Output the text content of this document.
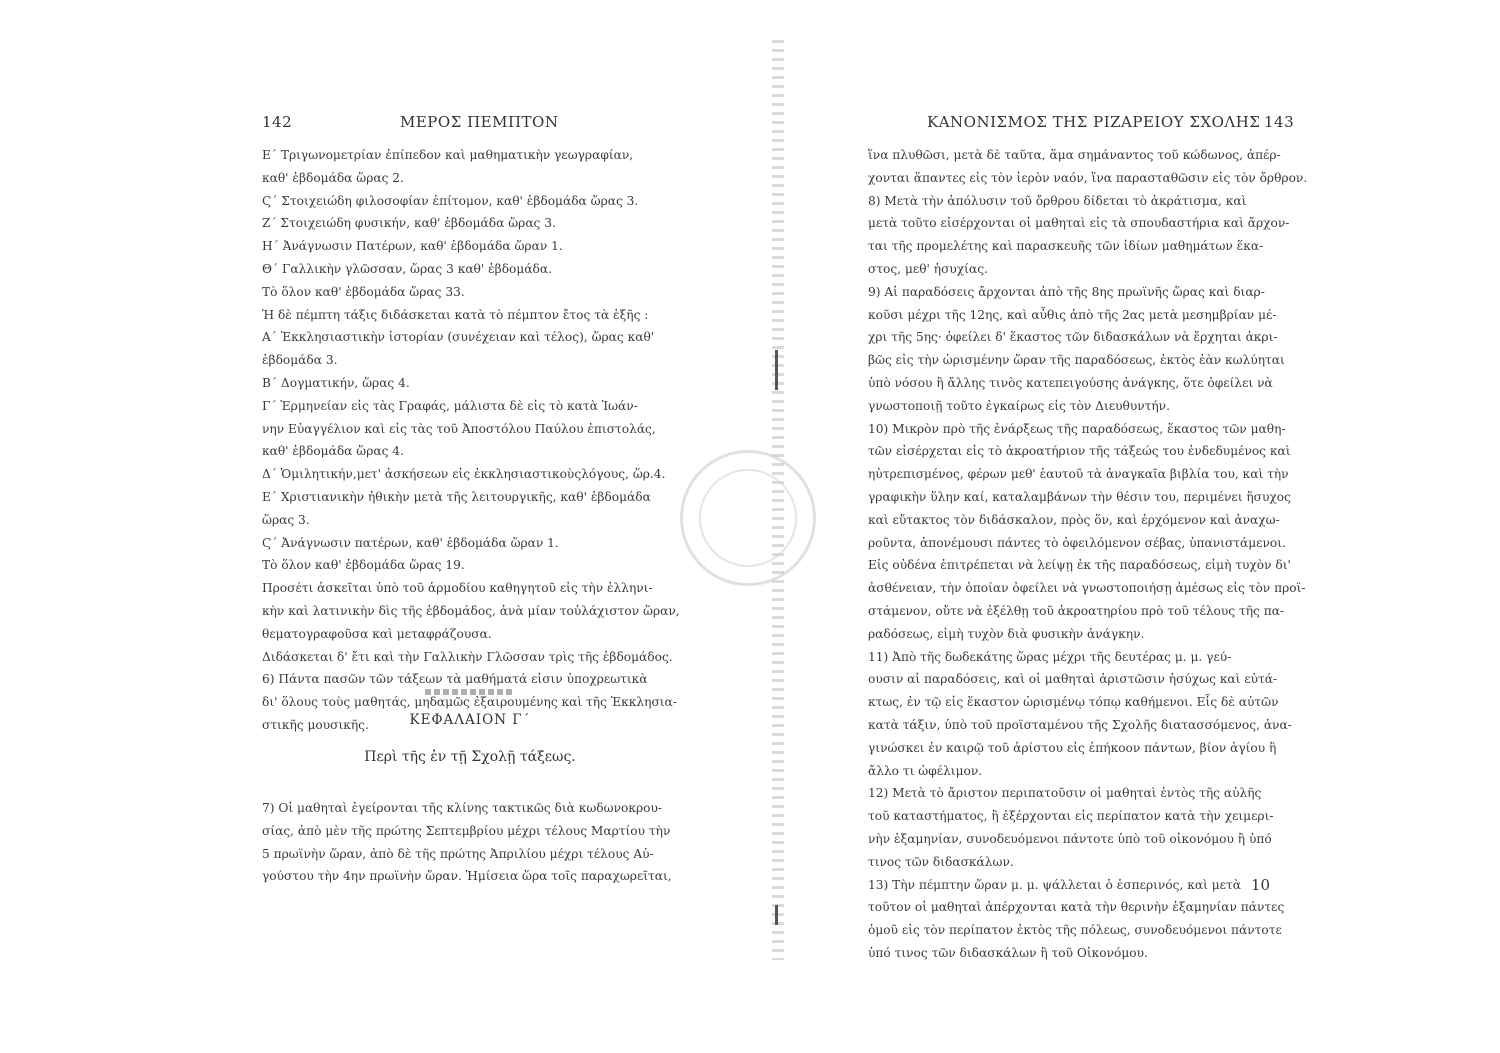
142	ΜΕΡΟΣ ΠΕΜΠΤΟΝ
Ε΄ Τριγωνομετρίαν ἐπίπεδον καὶ μαθηματικὴν γεωγραφίαν,
καθ' ἑβδομάδα ὥρας 2.
Ϛ΄ Στοιχειώδη φιλοσοφίαν ἐπίτομον, καθ' ἑβδομάδα ὥρας 3.
Ζ΄ Στοιχειώδη φυσικήν, καθ' ἑβδομάδα ὥρας 3.
Η΄ Ἀνάγνωσιν Πατέρων, καθ' ἑβδομάδα ὥραν 1.
Θ΄ Γαλλικὴν γλῶσσαν, ὥρας 3 καθ' ἑβδομάδα.
Τὸ ὅλον καθ' ἑβδομάδα ὥρας 33.
Ἡ δὲ πέμπτη τάξις διδάσκεται κατὰ τὸ πέμπτον ἔτος τὰ ἑξῆς :
Α΄ Ἐκκλησιαστικὴν ἱστορίαν (συνέχειαν καὶ τέλος), ὥρας καθ'
ἑβδομάδα 3.
Β΄ Δογματικήν, ὥρας 4.
Γ΄ Ἑρμηνείαν εἰς τὰς Γραφάς, μάλιστα δὲ εἰς τὸ κατὰ Ἰωάν-
νην Εὐαγγέλιον καὶ εἰς τὰς τοῦ Ἀποστόλου Παύλου ἐπιστολάς,
καθ' ἑβδομάδα ὥρας 4.
Δ΄ Ὁμιλητικήν,μετ' ἀσκήσεων εἰς ἐκκλησιαστικοὺςλόγους, ὥρ.4.
Ε΄ Χριστιανικὴν ἠθικὴν μετὰ τῆς λειτουργικῆς, καθ' ἑβδομάδα
ὥρας 3.
Ϛ΄ Ἀνάγνωσιν πατέρων, καθ' ἑβδομάδα ὥραν 1.
Τὸ ὅλον καθ' ἑβδομάδα ὥρας 19.
Προσέτι ἀσκεῖται ὑπὸ τοῦ ἁρμοδίου καθηγητοῦ εἰς τὴν ἑλληνι-
κὴν καὶ λατινικὴν δὶς τῆς ἑβδομάδος, ἀνὰ μίαν τοὐλάχιστον ὥραν,
θεματογραφοῦσα καὶ μεταφράζουσα.
Διδάσκεται δ' ἔτι καὶ τὴν Γαλλικὴν Γλῶσσαν τρὶς τῆς ἑβδομάδος.
6) Πάντα πασῶν τῶν τάξεων τὰ μαθήματά εἰσιν ὑποχρεωτικὰ
δι' ὅλους τοὺς μαθητάς, μηδαμῶς ἐξαιρουμένης καὶ τῆς Ἐκκλησια-
στικῆς μουσικῆς.	ΚΕΦΑΛΑΙΟΝ Γ΄
Περὶ τῆς ἐν τῇ Σχολῇ τάξεως.
7) Οἱ μαθηταὶ ἐγείρονται τῆς κλίνης τακτικῶς διὰ κωδωνοκρου-
σίας, ἀπὸ μὲν τῆς πρώτης Σεπτεμβρίου μέχρι τέλους Μαρτίου τὴν
5 πρωϊνὴν ὥραν, ἀπὸ δὲ τῆς πρώτης Ἀπριλίου μέχρι τέλους Αὐ-
γούστου τὴν 4ην πρωϊνὴν ὥραν. Ἡμίσεια ὥρα τοῖς παραχωρεῖται,
ΚΑΝΟΝΙΣΜΟΣ ΤΗΣ ΡΙΖΑΡΕΙΟΥ ΣΧΟΛΗΣ 143
ἵνα πλυθῶσι, μετὰ δὲ ταῦτα, ἅμα σημάναντος τοῦ κώδωνος, ἀπέρ-
χονται ἅπαντες εἰς τὸν ἱερὸν ναόν, ἵνα παρασταθῶσιν εἰς τὸν ὄρθρον.
8) Μετὰ τὴν ἀπόλυσιν τοῦ ὄρθρου δίδεται τὸ ἀκράτισμα, καὶ
μετὰ τοῦτο εἰσέρχονται οἱ μαθηταὶ εἰς τὰ σπουδαστήρια καὶ ἄρχον-
ται τῆς προμελέτης καὶ παρασκευῆς τῶν ἰδίων μαθημάτων ἕκα-
στος, μεθ' ἡσυχίας.
9) Αἱ παραδόσεις ἄρχονται ἀπὸ τῆς 8ης πρωϊνῆς ὥρας καὶ διαρ-
κοῦσι μέχρι τῆς 12ης, καὶ αὖθις ἀπὸ τῆς 2ας μετὰ μεσημβρίαν μέ-
χρι τῆς 5ης· ὀφείλει δ' ἕκαστος τῶν διδασκάλων νὰ ἔρχηται ἀκρι-
βῶς εἰς τὴν ὡρισμένην ὥραν τῆς παραδόσεως, ἐκτὸς ἐὰν κωλύηται
ὑπὸ νόσου ἢ ἄλλης τινὸς κατεπειγούσης ἀνάγκης, ὅτε ὀφείλει νὰ
γνωστοποιῇ τοῦτο ἐγκαίρως εἰς τὸν Διευθυντήν.
10) Μικρὸν πρὸ τῆς ἐνάρξεως τῆς παραδόσεως, ἕκαστος τῶν μαθη-
τῶν εἰσέρχεται εἰς τὸ ἀκροατήριον τῆς τάξεώς του ἐνδεδυμένος καὶ
ηὐτρεπισμένος, φέρων μεθ' ἑαυτοῦ τὰ ἀναγκαῖα βιβλία του, καὶ τὴν
γραφικὴν ὕλην καί, καταλαμβάνων τὴν θέσιν του, περιμένει ἥσυχος
καὶ εὔτακτος τὸν διδάσκαλον, πρὸς ὅν, καὶ ἐρχόμενον καὶ ἀναχω-
ροῦντα, ἀπονέμουσι πάντες τὸ ὀφειλόμενον σέβας, ὑπανιστάμενοι.
Εἰς οὐδένα ἐπιτρέπεται νὰ λείψῃ ἐκ τῆς παραδόσεως, εἰμὴ τυχὸν δι'
ἀσθένειαν, τὴν ὁποίαν ὀφείλει νὰ γνωστοποιήσῃ ἀμέσως εἰς τὸν προϊ-
στάμενον, οὔτε νὰ ἐξέλθῃ τοῦ ἀκροατηρίου πρὸ τοῦ τέλους τῆς πα-
ραδόσεως, εἰμὴ τυχὸν διὰ φυσικὴν ἀνάγκην.
11) Ἀπὸ τῆς δωδεκάτης ὥρας μέχρι τῆς δευτέρας μ. μ. γεύ-
ουσιν αἱ παραδόσεις, καὶ οἱ μαθηταὶ ἀριστῶσιν ἡσύχως καὶ εὐτά-
κτως, ἐν τῷ εἰς ἕκαστον ὡρισμένῳ τόπῳ καθήμενοι. Εἷς δὲ αὐτῶν
κατὰ τάξιν, ὑπὸ τοῦ προϊσταμένου τῆς Σχολῆς διατασσόμενος, ἀνα-
γινώσκει ἐν καιρῷ τοῦ ἀρίστου εἰς ἐπήκοον πάντων, βίον ἁγίου ἢ
ἄλλο τι ὠφέλιμον.
12) Μετὰ τὸ ἄριστον περιπατοῦσιν οἱ μαθηταὶ ἐντὸς τῆς αὐλῆς
τοῦ καταστήματος, ἢ ἐξέρχονται εἰς περίπατον κατὰ τὴν χειμερι-
νὴν ἑξαμηνίαν, συνοδευόμενοι πάντοτε ὑπὸ τοῦ οἰκονόμου ἢ ὑπό
τινος τῶν διδασκάλων.
13) Τὴν πέμπτην ὥραν μ. μ. ψάλλεται ὁ ἑσπερινός, καὶ μετὰ
τοῦτον οἱ μαθηταὶ ἀπέρχονται κατὰ τὴν θερινὴν ἑξαμηνίαν πάντες
ὁμοῦ εἰς τὸν περίπατον ἐκτὸς τῆς πόλεως, συνοδευόμενοι πάντοτε
ὑπό τινος τῶν διδασκάλων ἢ τοῦ Οἰκονόμου.
10
